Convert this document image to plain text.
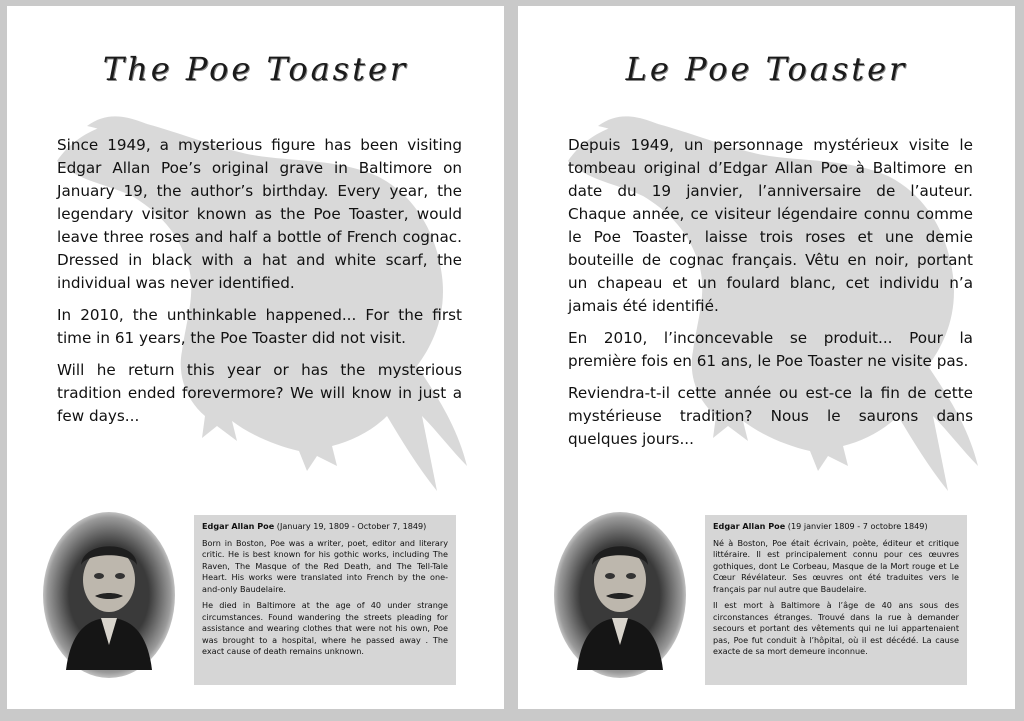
The Poe Toaster

Since 1949, a mysterious figure has been visiting Edgar Allan Poe’s original grave in Baltimore on January 19, the author’s birthday. Every year, the legendary visitor known as the Poe Toaster, would leave three roses and half a bottle of French cognac. Dressed in black with a hat and white scarf, the individual was never identified.

In 2010, the unthinkable happened... For the first time in 61 years, the Poe Toaster did not visit.

Will he return this year or has the mysterious tradition ended forevermore? We will know in just a few days...

Edgar Allan Poe (January 19, 1809 - October 7, 1849)

Born in Boston, Poe was a writer, poet, editor and literary critic. He is best known for his gothic works, including The Raven, The Masque of the Red Death, and The Tell-Tale Heart. His works were translated into French by the one-and-only Baudelaire.

He died in Baltimore at the age of 40 under strange circumstances. Found wandering the streets pleading for assistance and wearing clothes that were not his own, Poe was brought to a hospital, where he passed away . The exact cause of death remains unknown.

Le Poe Toaster

Depuis 1949, un personnage mystérieux visite le tombeau original d’Edgar Allan Poe à Baltimore en date du 19 janvier, l’anniversaire de l’auteur. Chaque année, ce visiteur légendaire connu comme le Poe Toaster, laisse trois roses et une demie bouteille de cognac français. Vêtu en noir, portant un chapeau et un foulard blanc, cet individu n’a jamais été identifié.

En 2010, l’inconcevable se produit... Pour la première fois en 61 ans, le Poe Toaster ne visite pas.

Reviendra-t-il cette année ou est-ce la fin de cette mystérieuse tradition? Nous le saurons dans quelques jours...

Edgar Allan Poe (19 janvier 1809 - 7 octobre 1849)

Né à Boston, Poe était écrivain, poète, éditeur et critique littéraire. Il est principalement connu pour ces œuvres gothiques, dont Le Corbeau, Masque de la Mort rouge et Le Cœur Révélateur. Ses œuvres ont été traduites vers le français par nul autre que Baudelaire.

Il est mort à Baltimore à l’âge de 40 ans sous des circonstances étranges. Trouvé dans la rue à demander secours et portant des vêtements qui ne lui appartenaient pas, Poe fut conduit à l’hôpital, où il est décédé. La cause exacte de sa mort demeure inconnue.
